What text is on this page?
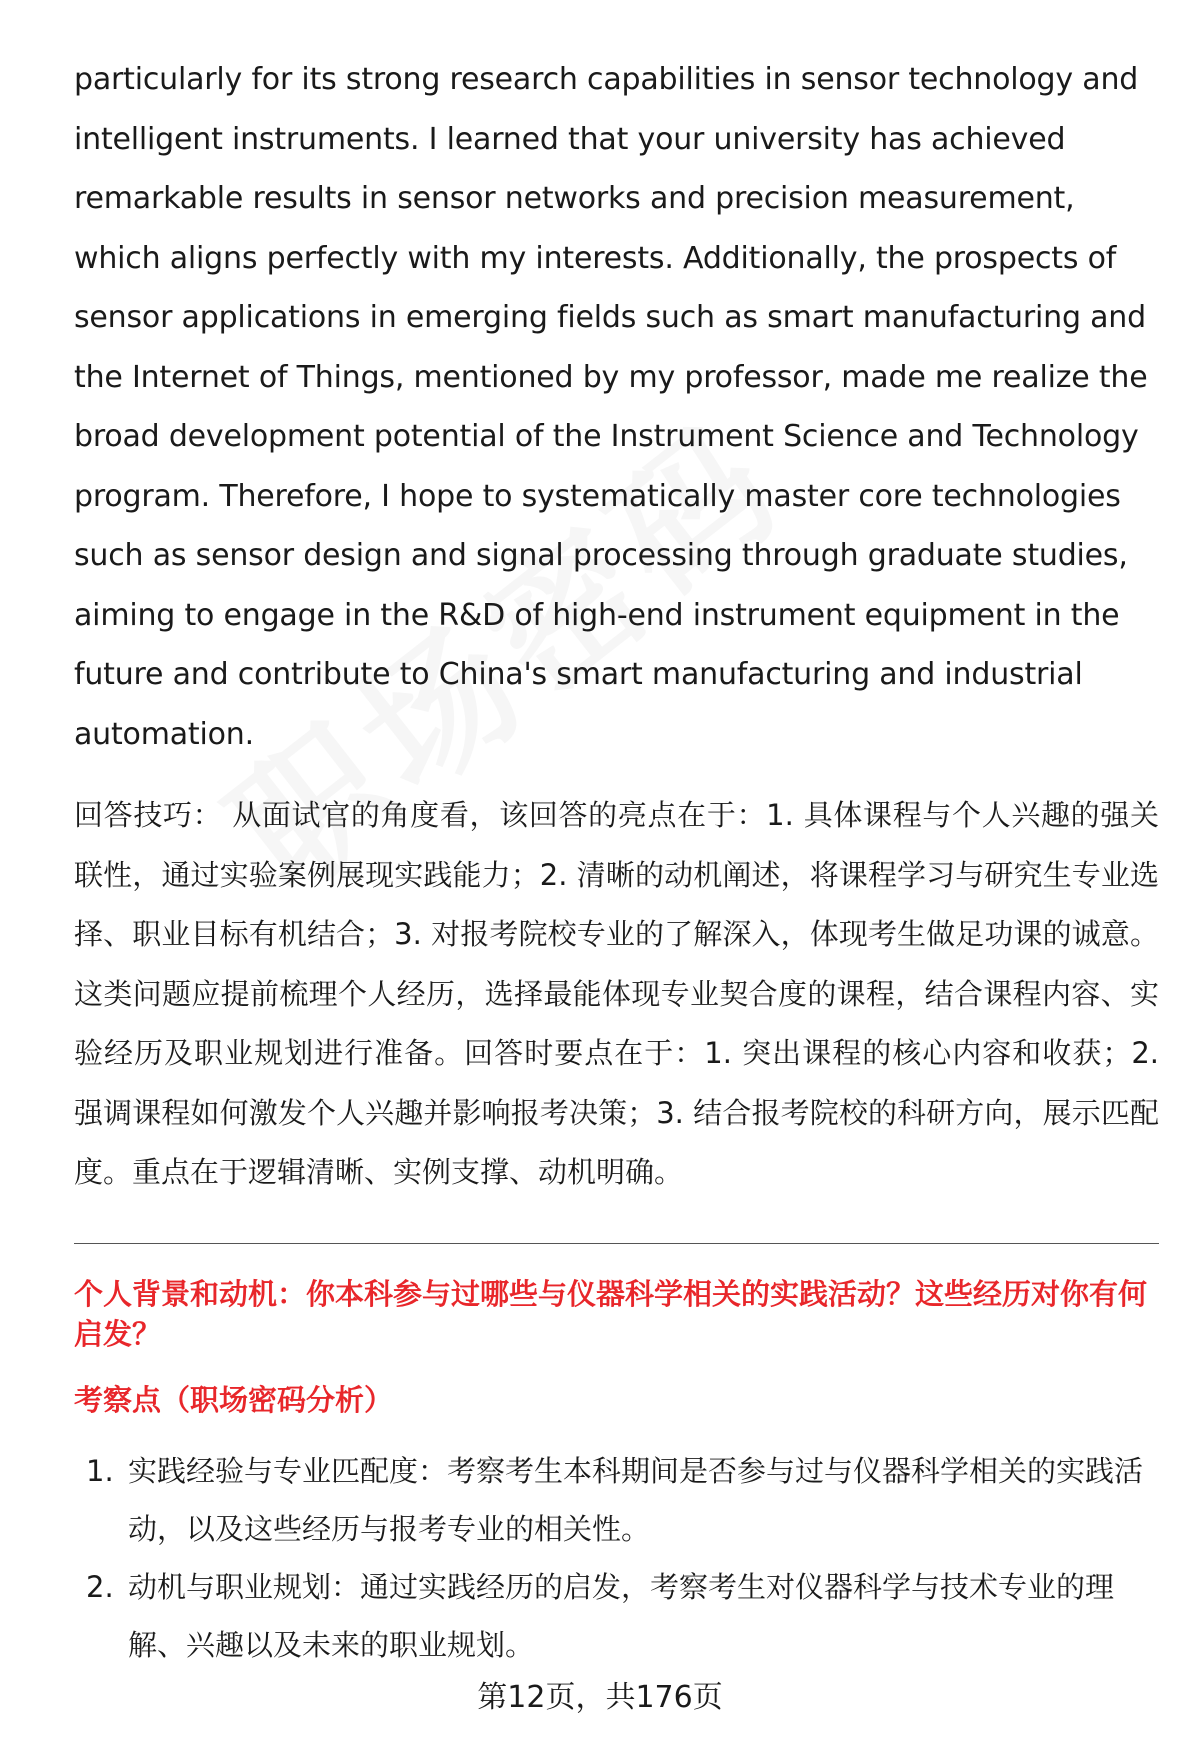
particularly for its strong research capabilities in sensor technology and intelligent instruments. I learned that your university has achieved remarkable results in sensor networks and precision measurement, which aligns perfectly with my interests. Additionally, the prospects of sensor applications in emerging fields such as smart manufacturing and the Internet of Things, mentioned by my professor, made me realize the broad development potential of the Instrument Science and Technology program. Therefore, I hope to systematically master core technologies such as sensor design and signal processing through graduate studies, aiming to engage in the R&D of high-end instrument equipment in the future and contribute to China's smart manufacturing and industrial automation.

回答技巧： 从面试官的角度看，该回答的亮点在于：1. 具体课程与个人兴趣的强关联性，通过实验案例展现实践能力；2. 清晰的动机阐述，将课程学习与研究生专业选择、职业目标有机结合；3. 对报考院校专业的了解深入，体现考生做足功课的诚意。这类问题应提前梳理个人经历，选择最能体现专业契合度的课程，结合课程内容、实验经历及职业规划进行准备。回答时要点在于：1. 突出课程的核心内容和收获；2. 强调课程如何激发个人兴趣并影响报考决策；3. 结合报考院校的科研方向，展示匹配度。重点在于逻辑清晰、实例支撑、动机明确。

个人背景和动机：你本科参与过哪些与仪器科学相关的实践活动？这些经历对你有何启发？
考察点（职场密码分析）
1. 实践经验与专业匹配度：考察考生本科期间是否参与过与仪器科学相关的实践活动，以及这些经历与报考专业的相关性。
2. 动机与职业规划：通过实践经历的启发，考察考生对仪器科学与技术专业的理解、兴趣以及未来的职业规划。
第12页，共176页
